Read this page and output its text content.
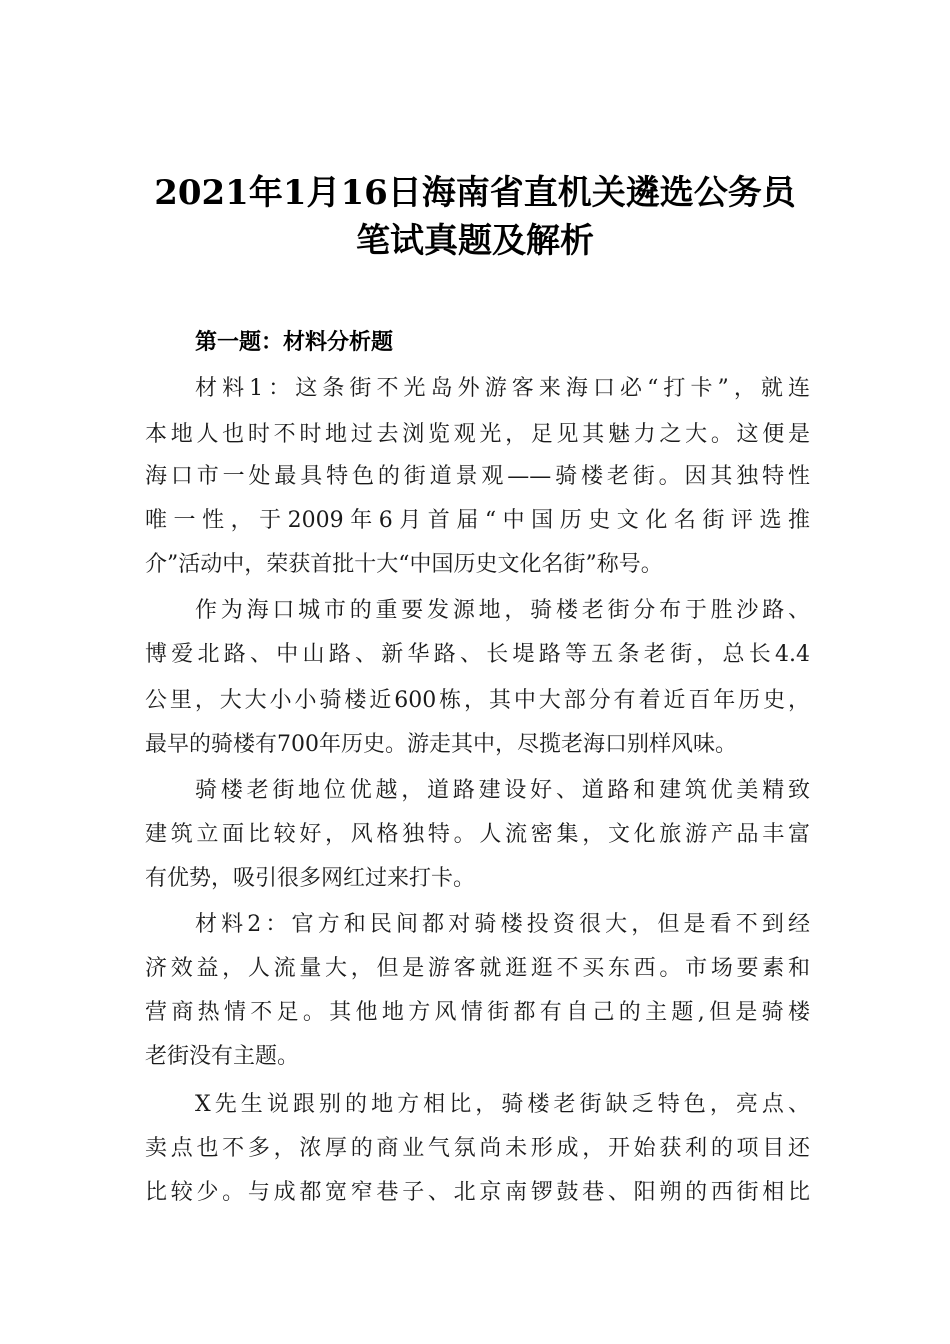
2021年1月16日海南省直机关遴选公务员
笔试真题及解析
第一题：材料分析题
材料1：这条街不光岛外游客来海口必“打卡”，就连
本地人也时不时地过去浏览观光，足见其魅力之大。这便是
海口市一处最具特色的街道景观——骑楼老街。因其独特性
唯一性，于2009年6月首届“中国历史文化名街评选推
介”活动中，荣获首批十大“中国历史文化名街”称号。
作为海口城市的重要发源地，骑楼老街分布于胜沙路、
博爱北路、中山路、新华路、长堤路等五条老街，总长4.4
公里，大大小小骑楼近600栋，其中大部分有着近百年历史，
最早的骑楼有700年历史。游走其中，尽揽老海口别样风味。
骑楼老街地位优越，道路建设好、道路和建筑优美精致
建筑立面比较好，风格独特。人流密集，文化旅游产品丰富
有优势，吸引很多网红过来打卡。
材料2：官方和民间都对骑楼投资很大，但是看不到经
济效益，人流量大，但是游客就逛逛不买东西。市场要素和
营商热情不足。其他地方风情街都有自己的主题,但是骑楼
老街没有主题。
X先生说跟别的地方相比，骑楼老街缺乏特色，亮点、
卖点也不多，浓厚的商业气氛尚未形成，开始获利的项目还
比较少。与成都宽窄巷子、北京南锣鼓巷、阳朔的西街相比
